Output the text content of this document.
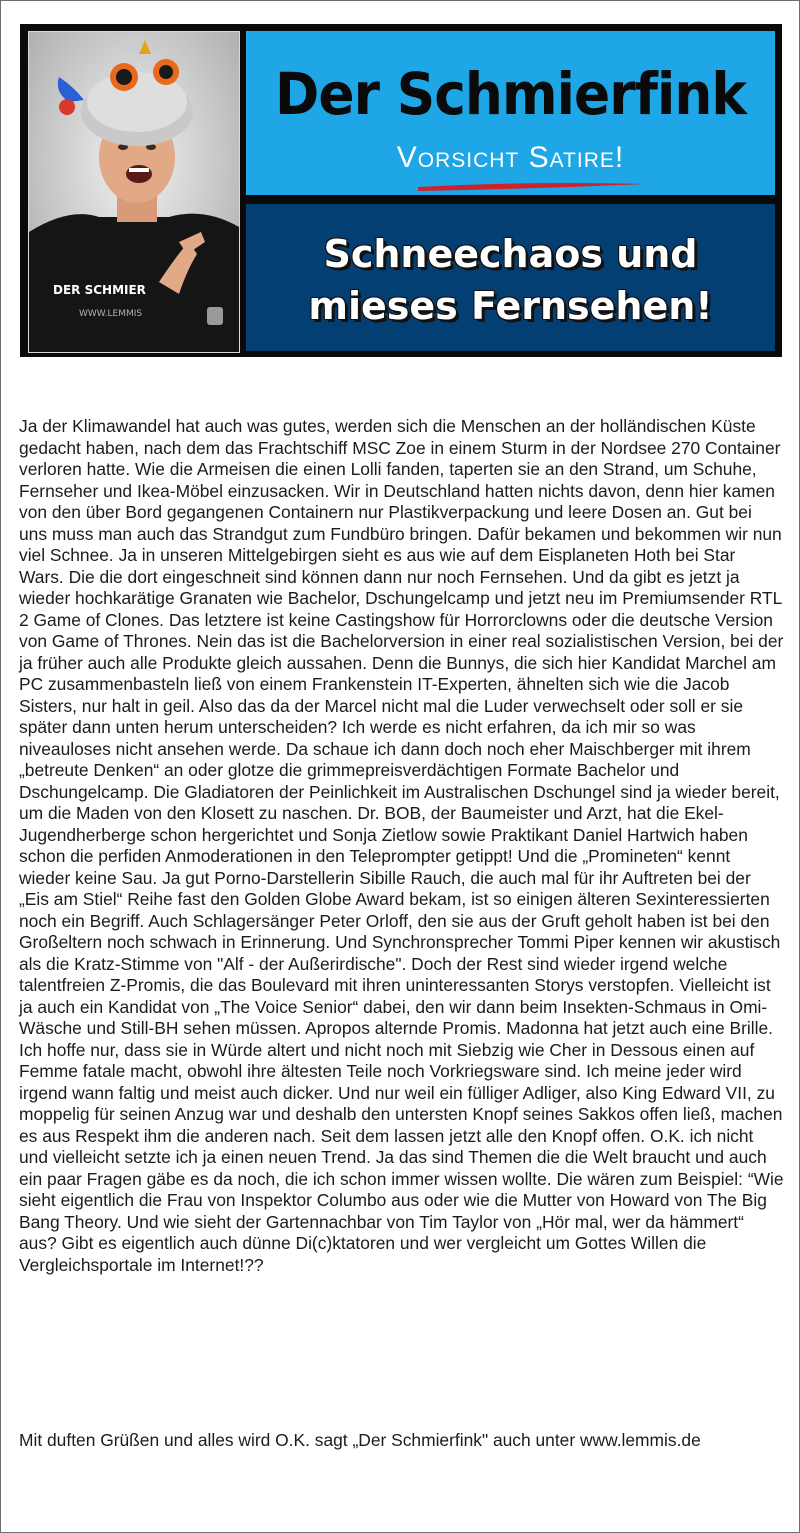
DER SCHMIER
WWW.LEMMIS
Der Schmierfink
Vorsicht Satire!
Schneechaos und
mieses Fernsehen!

Ja der Klimawandel hat auch was gutes, werden sich die Menschen an der holländischen Küste gedacht haben, nach dem das Frachtschiff MSC Zoe in einem Sturm in der Nordsee 270 Container verloren hatte. Wie die Armeisen die einen Lolli fanden, taperten sie an den Strand, um Schuhe, Fernseher und Ikea-Möbel einzusacken. Wir in Deutschland hatten nichts davon, denn hier kamen von den über Bord gegangenen Containern nur Plastikverpackung und leere Dosen an. Gut bei uns muss man auch das Strandgut zum Fundbüro bringen. Dafür bekamen und bekommen wir nun viel Schnee. Ja in unseren Mittelgebirgen sieht es aus wie auf dem Eisplaneten Hoth bei Star Wars. Die die dort eingeschneit sind können dann nur noch Fernsehen. Und da gibt es jetzt ja wieder hochkarätige Granaten wie Bachelor, Dschungelcamp und jetzt neu im Premiumsender RTL 2 Game of Clones. Das letztere ist keine Castingshow für Horrorclowns oder die deutsche Version von Game of Thrones. Nein das ist die Bachelorversion in einer real sozialistischen Version, bei der ja früher auch alle Produkte gleich aussahen. Denn die Bunnys, die sich hier Kandidat Marchel am PC zusammenbasteln ließ von einem Frankenstein IT-Experten, ähnelten sich wie die Jacob Sisters, nur halt in geil. Also das da der Marcel nicht mal die Luder verwechselt oder soll er sie später dann unten herum unterscheiden? Ich werde es nicht erfahren, da ich mir so was niveauloses nicht ansehen werde. Da schaue ich dann doch noch eher Maischberger mit ihrem „betreute Denken“ an oder glotze die grimmepreisverdächtigen Formate Bachelor und Dschungelcamp. Die Gladiatoren der Peinlichkeit im Australischen Dschungel sind ja wieder bereit, um die Maden von den Klosett zu naschen. Dr. BOB, der Baumeister und Arzt, hat die Ekel-Jugendherberge schon hergerichtet und Sonja Zietlow sowie Praktikant Daniel Hartwich haben schon die perfiden Anmoderationen in den Teleprompter getippt! Und die „Promineten“ kennt wieder keine Sau. Ja gut Porno-Darstellerin Sibille Rauch, die auch mal für ihr Auftreten bei der „Eis am Stiel“ Reihe fast den Golden Globe Award bekam, ist so einigen älteren Sexinteressierten noch ein Begriff. Auch Schlagersänger Peter Orloff, den sie aus der Gruft geholt haben ist bei den Großeltern noch schwach in Erinnerung. Und Synchronsprecher Tommi Piper kennen wir akustisch als die Kratz-Stimme von "Alf - der Außerirdische". Doch der Rest sind wieder irgend welche talentfreien Z-Promis, die das Boulevard mit ihren uninteressanten Storys verstopfen. Vielleicht ist ja auch ein Kandidat von „The Voice Senior“ dabei, den wir dann beim Insekten-Schmaus in Omi-Wäsche und Still-BH sehen müssen. Apropos alternde Promis. Madonna hat jetzt auch eine Brille. Ich hoffe nur, dass sie in Würde altert und nicht noch mit Siebzig wie Cher in Dessous einen auf Femme fatale macht, obwohl ihre ältesten Teile noch Vorkriegsware sind. Ich meine jeder wird irgend wann faltig und meist auch dicker. Und nur weil ein fülliger Adliger, also King Edward VII, zu moppelig für seinen Anzug war und deshalb den untersten Knopf seines Sakkos offen ließ, machen es aus Respekt ihm die anderen nach. Seit dem lassen jetzt alle den Knopf offen. O.K. ich nicht und vielleicht setzte ich ja einen neuen Trend. Ja das sind Themen die die Welt braucht und auch ein paar Fragen gäbe es da noch, die ich schon immer wissen wollte. Die wären zum Beispiel: “Wie sieht eigentlich die Frau von Inspektor Columbo aus oder wie die Mutter von Howard von The Big Bang Theory. Und wie sieht der Gartennachbar von Tim Taylor von „Hör mal, wer da hämmert“ aus? Gibt es eigentlich auch dünne Di(c)ktatoren und wer vergleicht um Gottes Willen die Vergleichsportale im Internet!??

Mit duften Grüßen und alles wird O.K. sagt „Der Schmierfink" auch unter www.lemmis.de
